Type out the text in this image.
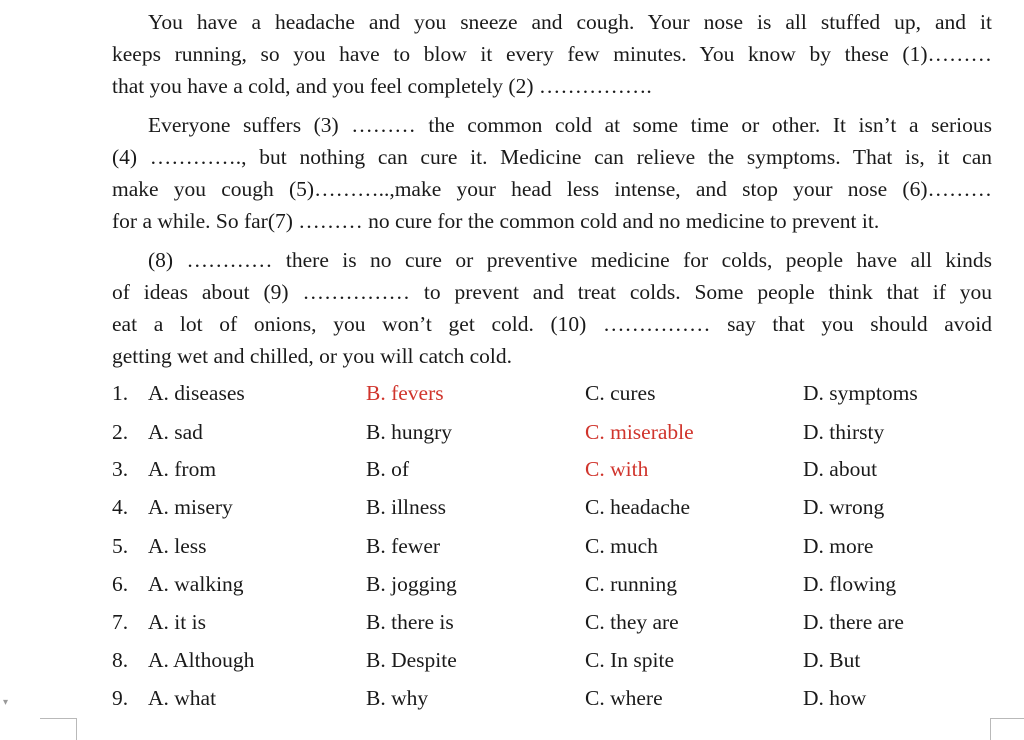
You have a headache and you sneeze and cough. Your nose is all stuffed up, and it
keeps running, so you have to blow it every few minutes. You know by these (1)………
that you have a cold, and you feel completely (2) …………….
Everyone suffers (3) ……… the common cold at some time or other. It isn’t a serious
(4) …………., but nothing can cure it. Medicine can relieve the symptoms. That is, it can
make you cough (5)………..,make your head less intense, and stop your nose (6)………
for a while. So far(7) ……… no cure for the common cold and no medicine to prevent it.
(8) ………… there is no cure or preventive medicine for colds, people have all kinds
of ideas about (9) …………… to prevent and treat colds. Some people think that if you
eat a lot of onions, you won’t get cold. (10) …………… say that you should avoid
getting wet and chilled, or you will catch cold.
1. A. diseases	B. fevers	C. cures	D. symptoms
2. A. sad	B. hungry	C. miserable	D. thirsty
3. A. from	B. of	C. with	D. about
4. A. misery	B. illness	C. headache	D. wrong
5. A. less	B. fewer	C. much	D. more
6. A. walking	B. jogging	C. running	D. flowing
7. A. it is	B. there is	C. they are	D. there are
8. A. Although	B. Despite	C. In spite	D. But
9. A. what	B. why	C. where	D. how
▾
